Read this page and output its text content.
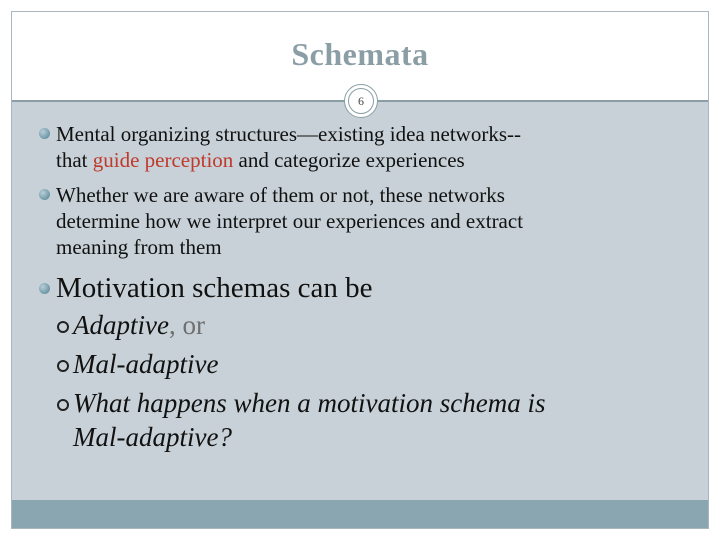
Schemata
6
Mental organizing structures—existing idea networks--
that guide perception and categorize experiences
Whether we are aware of them or not, these networks
determine how we interpret our experiences and extract
meaning from them
Motivation schemas can be
Adaptive, or
Mal-adaptive
What happens when a motivation schema is
Mal-adaptive?
